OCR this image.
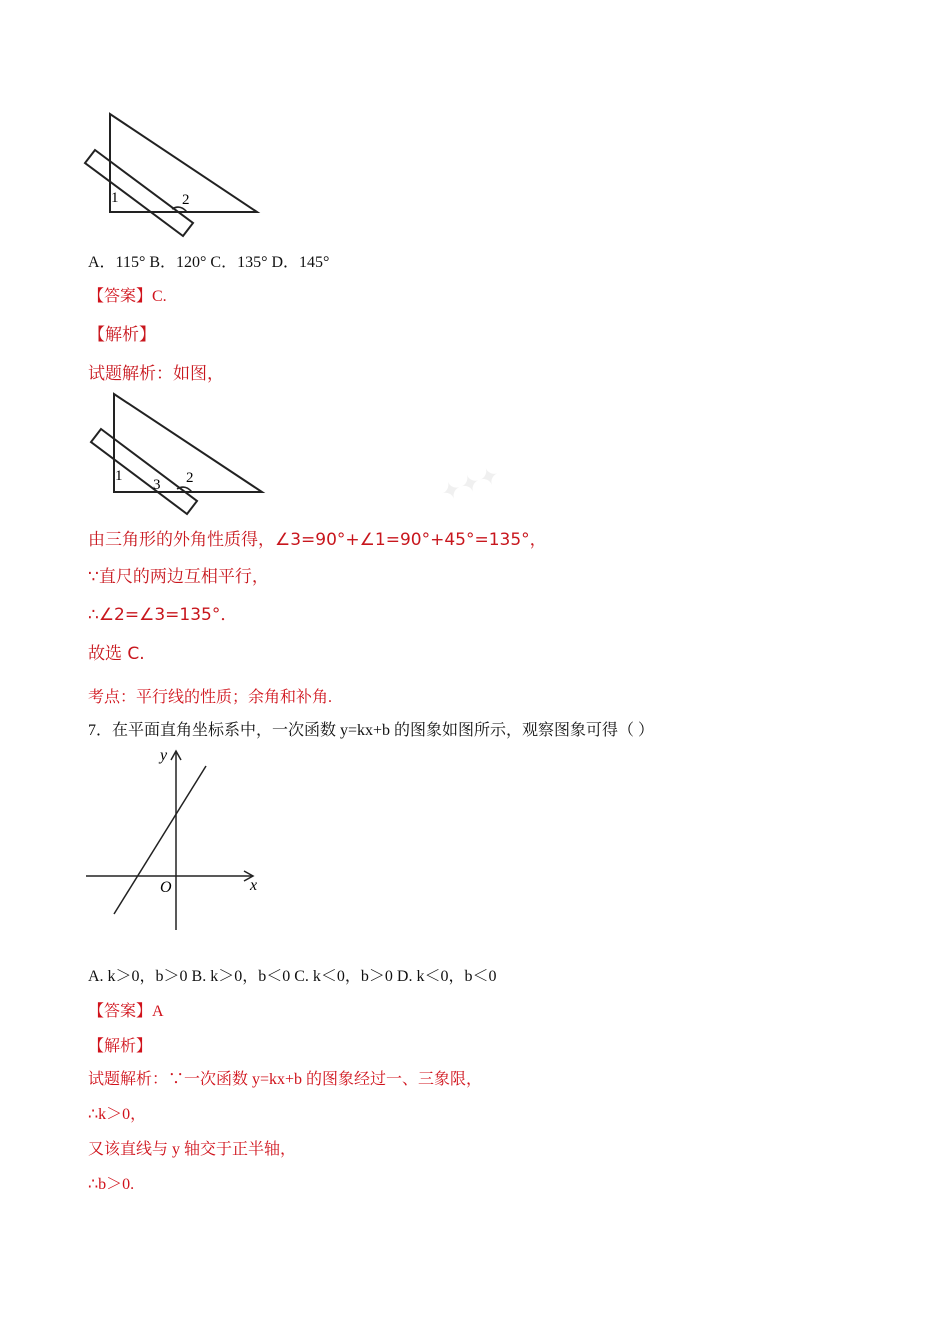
1	2
A．115° B．120° C．135° D．145°
【答案】C.
【解析】
试题解析：如图，
1
3 2
由三角形的外角性质得，∠3=90°+∠1=90°+45°=135°，
∵直尺的两边互相平行，
∴∠2=∠3=135°．
故选 C.
✦✦✦
考点：平行线的性质；余角和补角.
7．在平面直角坐标系中，一次函数 y=kx+b 的图象如图所示，观察图象可得（ ）
y
x
O
A. k＞0，b＞0 B. k＞0，b＜0 C. k＜0，b＞0 D. k＜0，b＜0
【答案】A
【解析】
试题解析：∵一次函数 y=kx+b 的图象经过一、三象限，
∴k＞0，
又该直线与 y 轴交于正半轴，
∴b＞0.
